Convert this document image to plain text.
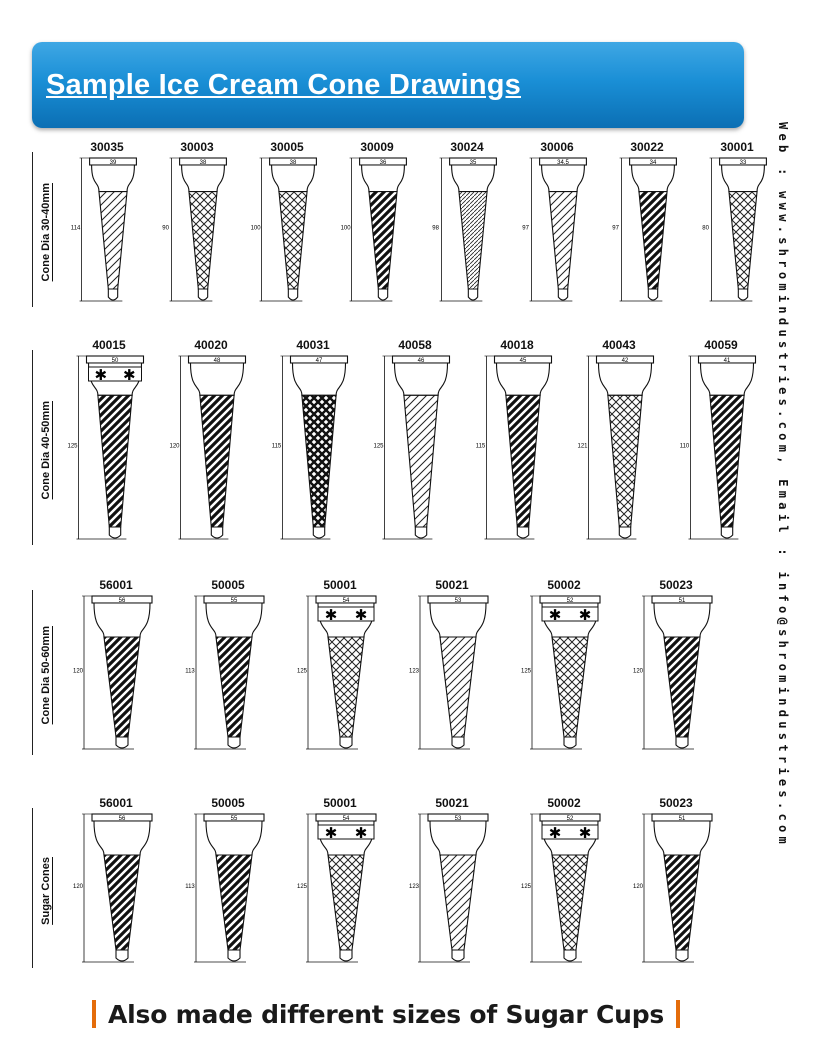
Sample Ice Cream Cone Drawings
Web : www.shromindustries.com, Email : info@shromindustries.com
Cone Dia 30-40mm
30035
114
39
30003
90
38
30005
100
38
30009
100
36
30024
98
35
30006
97
34.5
30022
97
34
30001
80
33
Cone Dia 40-50mm
40015
✱ ✱
125
50
40020
120
48
40031
115
47
40058
125
46
40018
115
45
40043
121
42
40059
110
41
Cone Dia 50-60mm
56001
120
56
50005
113
55
50001
✱ ✱
125
54
50021
123
53
50002
✱ ✱
125
52
50023
120
51
Sugar Cones
56001
120
56
50005
113
55
50001
✱ ✱
125
54
50021
123
53
50002
✱ ✱
125
52
50023
120
51
Also made different sizes of Sugar Cups
